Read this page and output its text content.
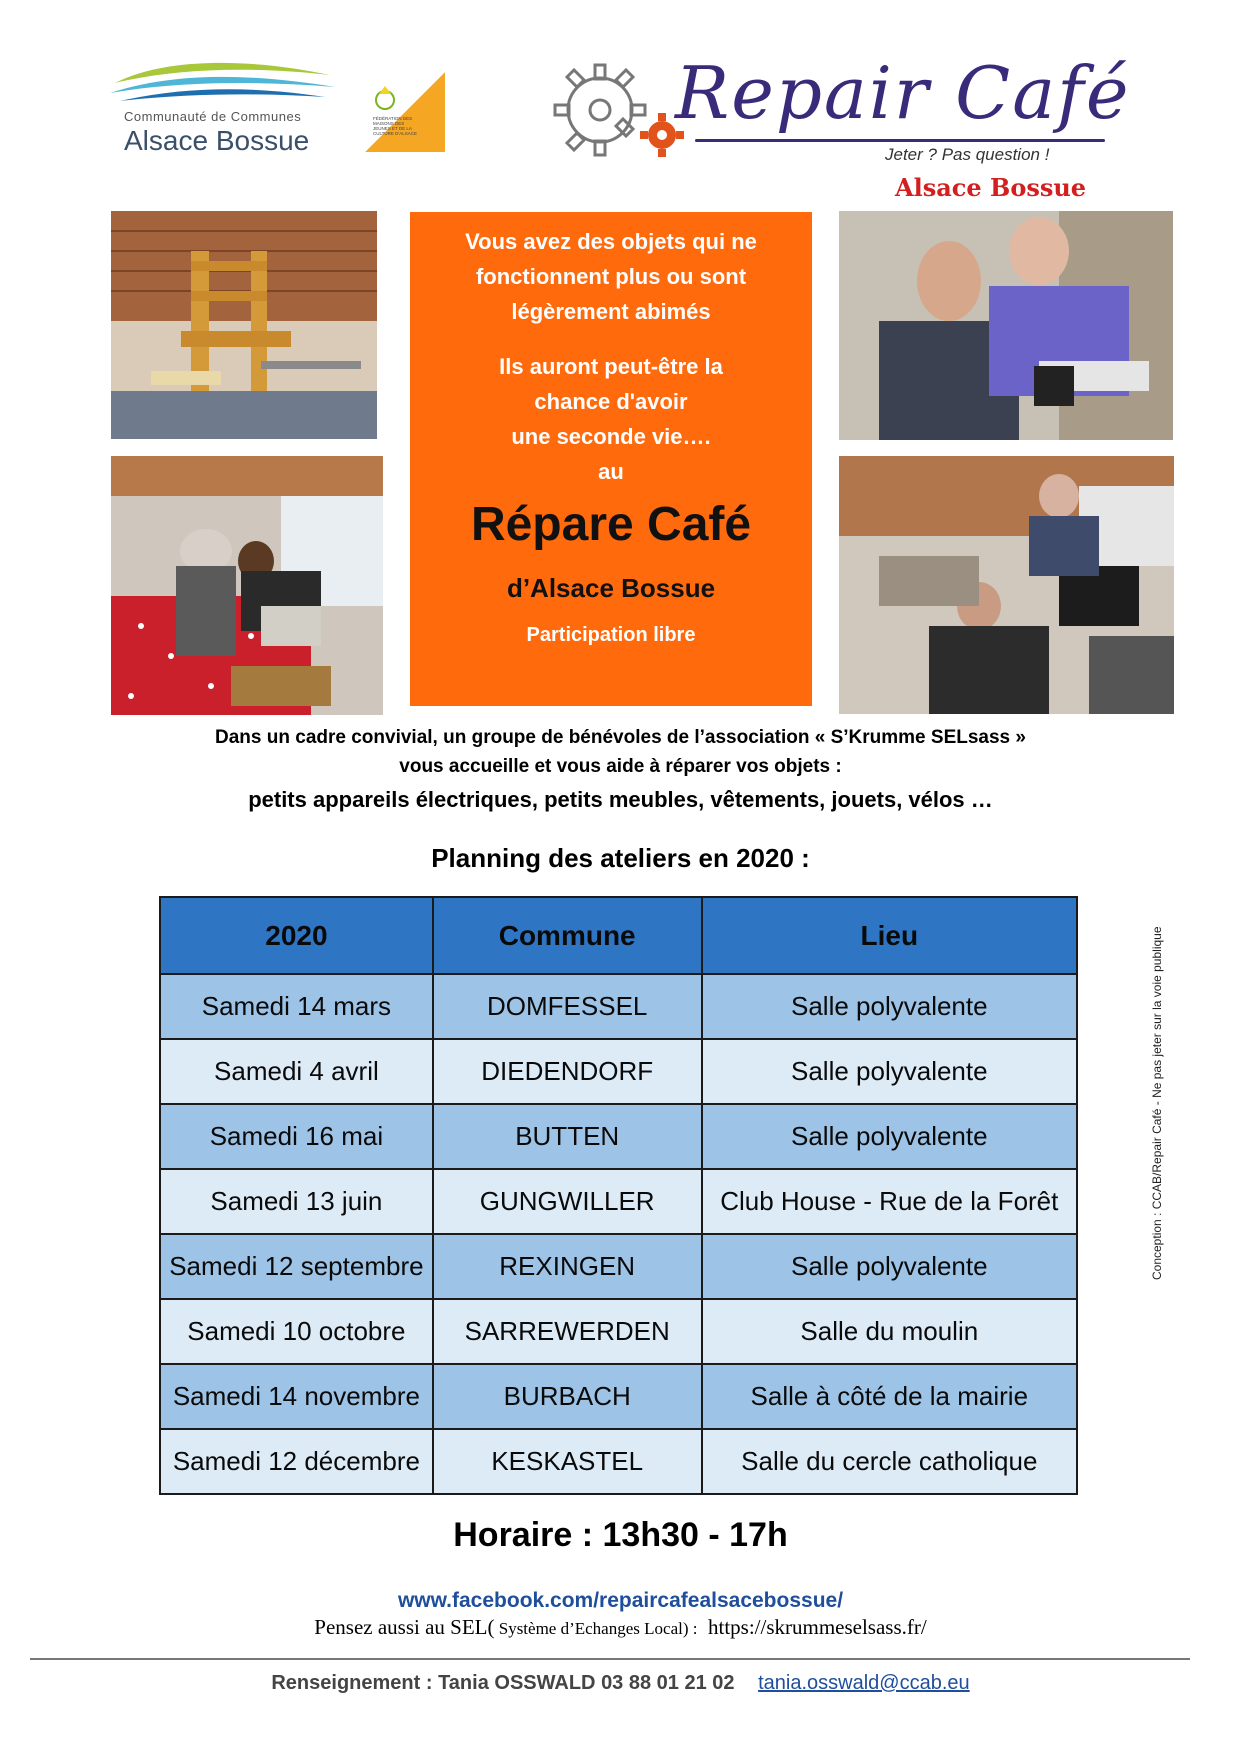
Communauté de Communes
Alsace Bossue
FÉDÉRATION DES MAISONS DES JEUNES ET DE LA CULTURE D'ALSACE	Repair Café
Jeter ? Pas question !
Alsace Bossue
Vous avez des objets qui ne
fonctionnent plus ou sont
légèrement abimés
Ils auront peut-être la
chance d'avoir
une seconde vie….
au
Répare Café
d’Alsace Bossue
Participation libre
Dans un cadre convivial, un groupe de bénévoles de l’association « S’Krumme SELsass »
vous accueille et vous aide à réparer vos objets :
petits appareils électriques, petits meubles, vêtements, jouets, vélos …
Planning des ateliers en 2020 :
2020	Commune	Lieu
Samedi 14 mars	DOMFESSEL	Salle polyvalente
Samedi 4 avril	DIEDENDORF	Salle polyvalente
Samedi 16 mai	BUTTEN	Salle polyvalente
Samedi 13 juin	GUNGWILLER	Club House - Rue de la Forêt
Samedi 12 septembre	REXINGEN	Salle polyvalente
Samedi 10 octobre	SARREWERDEN	Salle du moulin
Samedi 14 novembre	BURBACH	Salle à côté de la mairie
Samedi 12 décembre	KESKASTEL	Salle du cercle catholique
Conception : CCAB/Repair Café - Ne pas jeter sur la voie publique
Horaire : 13h30 - 17h
www.facebook.com/repaircafealsacebossue/
Pensez aussi au SEL( Système d’Echanges Local) : https://skrummeselsass.fr/
Renseignement : Tania OSSWALD 03 88 01 21 02 tania.osswald@ccab.eu
